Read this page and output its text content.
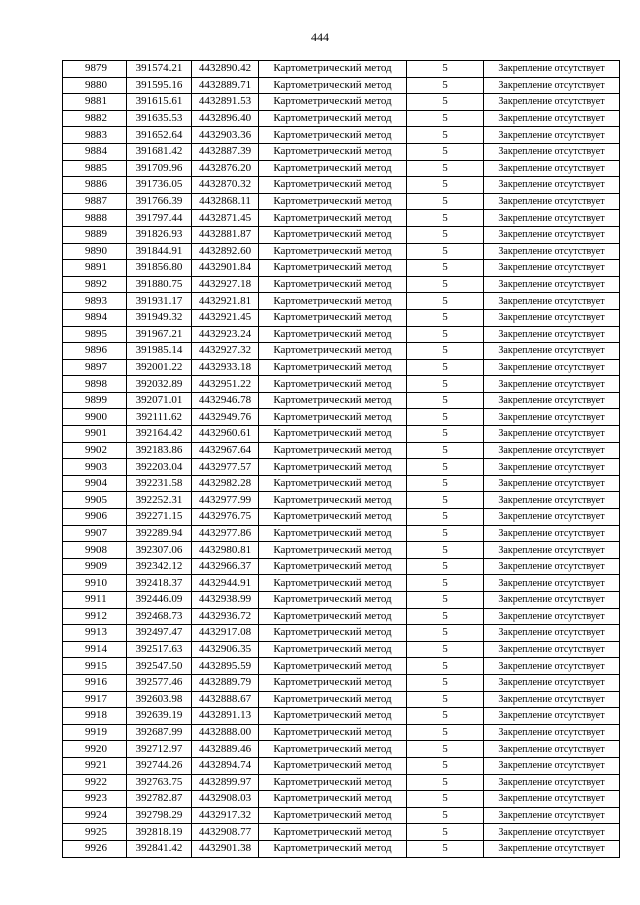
444
9879	391574.21	4432890.42	Картометрический метод	5	Закрепление отсутствует
9880	391595.16	4432889.71	Картометрический метод	5	Закрепление отсутствует
9881	391615.61	4432891.53	Картометрический метод	5	Закрепление отсутствует
9882	391635.53	4432896.40	Картометрический метод	5	Закрепление отсутствует
9883	391652.64	4432903.36	Картометрический метод	5	Закрепление отсутствует
9884	391681.42	4432887.39	Картометрический метод	5	Закрепление отсутствует
9885	391709.96	4432876.20	Картометрический метод	5	Закрепление отсутствует
9886	391736.05	4432870.32	Картометрический метод	5	Закрепление отсутствует
9887	391766.39	4432868.11	Картометрический метод	5	Закрепление отсутствует
9888	391797.44	4432871.45	Картометрический метод	5	Закрепление отсутствует
9889	391826.93	4432881.87	Картометрический метод	5	Закрепление отсутствует
9890	391844.91	4432892.60	Картометрический метод	5	Закрепление отсутствует
9891	391856.80	4432901.84	Картометрический метод	5	Закрепление отсутствует
9892	391880.75	4432927.18	Картометрический метод	5	Закрепление отсутствует
9893	391931.17	4432921.81	Картометрический метод	5	Закрепление отсутствует
9894	391949.32	4432921.45	Картометрический метод	5	Закрепление отсутствует
9895	391967.21	4432923.24	Картометрический метод	5	Закрепление отсутствует
9896	391985.14	4432927.32	Картометрический метод	5	Закрепление отсутствует
9897	392001.22	4432933.18	Картометрический метод	5	Закрепление отсутствует
9898	392032.89	4432951.22	Картометрический метод	5	Закрепление отсутствует
9899	392071.01	4432946.78	Картометрический метод	5	Закрепление отсутствует
9900	392111.62	4432949.76	Картометрический метод	5	Закрепление отсутствует
9901	392164.42	4432960.61	Картометрический метод	5	Закрепление отсутствует
9902	392183.86	4432967.64	Картометрический метод	5	Закрепление отсутствует
9903	392203.04	4432977.57	Картометрический метод	5	Закрепление отсутствует
9904	392231.58	4432982.28	Картометрический метод	5	Закрепление отсутствует
9905	392252.31	4432977.99	Картометрический метод	5	Закрепление отсутствует
9906	392271.15	4432976.75	Картометрический метод	5	Закрепление отсутствует
9907	392289.94	4432977.86	Картометрический метод	5	Закрепление отсутствует
9908	392307.06	4432980.81	Картометрический метод	5	Закрепление отсутствует
9909	392342.12	4432966.37	Картометрический метод	5	Закрепление отсутствует
9910	392418.37	4432944.91	Картометрический метод	5	Закрепление отсутствует
9911	392446.09	4432938.99	Картометрический метод	5	Закрепление отсутствует
9912	392468.73	4432936.72	Картометрический метод	5	Закрепление отсутствует
9913	392497.47	4432917.08	Картометрический метод	5	Закрепление отсутствует
9914	392517.63	4432906.35	Картометрический метод	5	Закрепление отсутствует
9915	392547.50	4432895.59	Картометрический метод	5	Закрепление отсутствует
9916	392577.46	4432889.79	Картометрический метод	5	Закрепление отсутствует
9917	392603.98	4432888.67	Картометрический метод	5	Закрепление отсутствует
9918	392639.19	4432891.13	Картометрический метод	5	Закрепление отсутствует
9919	392687.99	4432888.00	Картометрический метод	5	Закрепление отсутствует
9920	392712.97	4432889.46	Картометрический метод	5	Закрепление отсутствует
9921	392744.26	4432894.74	Картометрический метод	5	Закрепление отсутствует
9922	392763.75	4432899.97	Картометрический метод	5	Закрепление отсутствует
9923	392782.87	4432908.03	Картометрический метод	5	Закрепление отсутствует
9924	392798.29	4432917.32	Картометрический метод	5	Закрепление отсутствует
9925	392818.19	4432908.77	Картометрический метод	5	Закрепление отсутствует
9926	392841.42	4432901.38	Картометрический метод	5	Закрепление отсутствует
